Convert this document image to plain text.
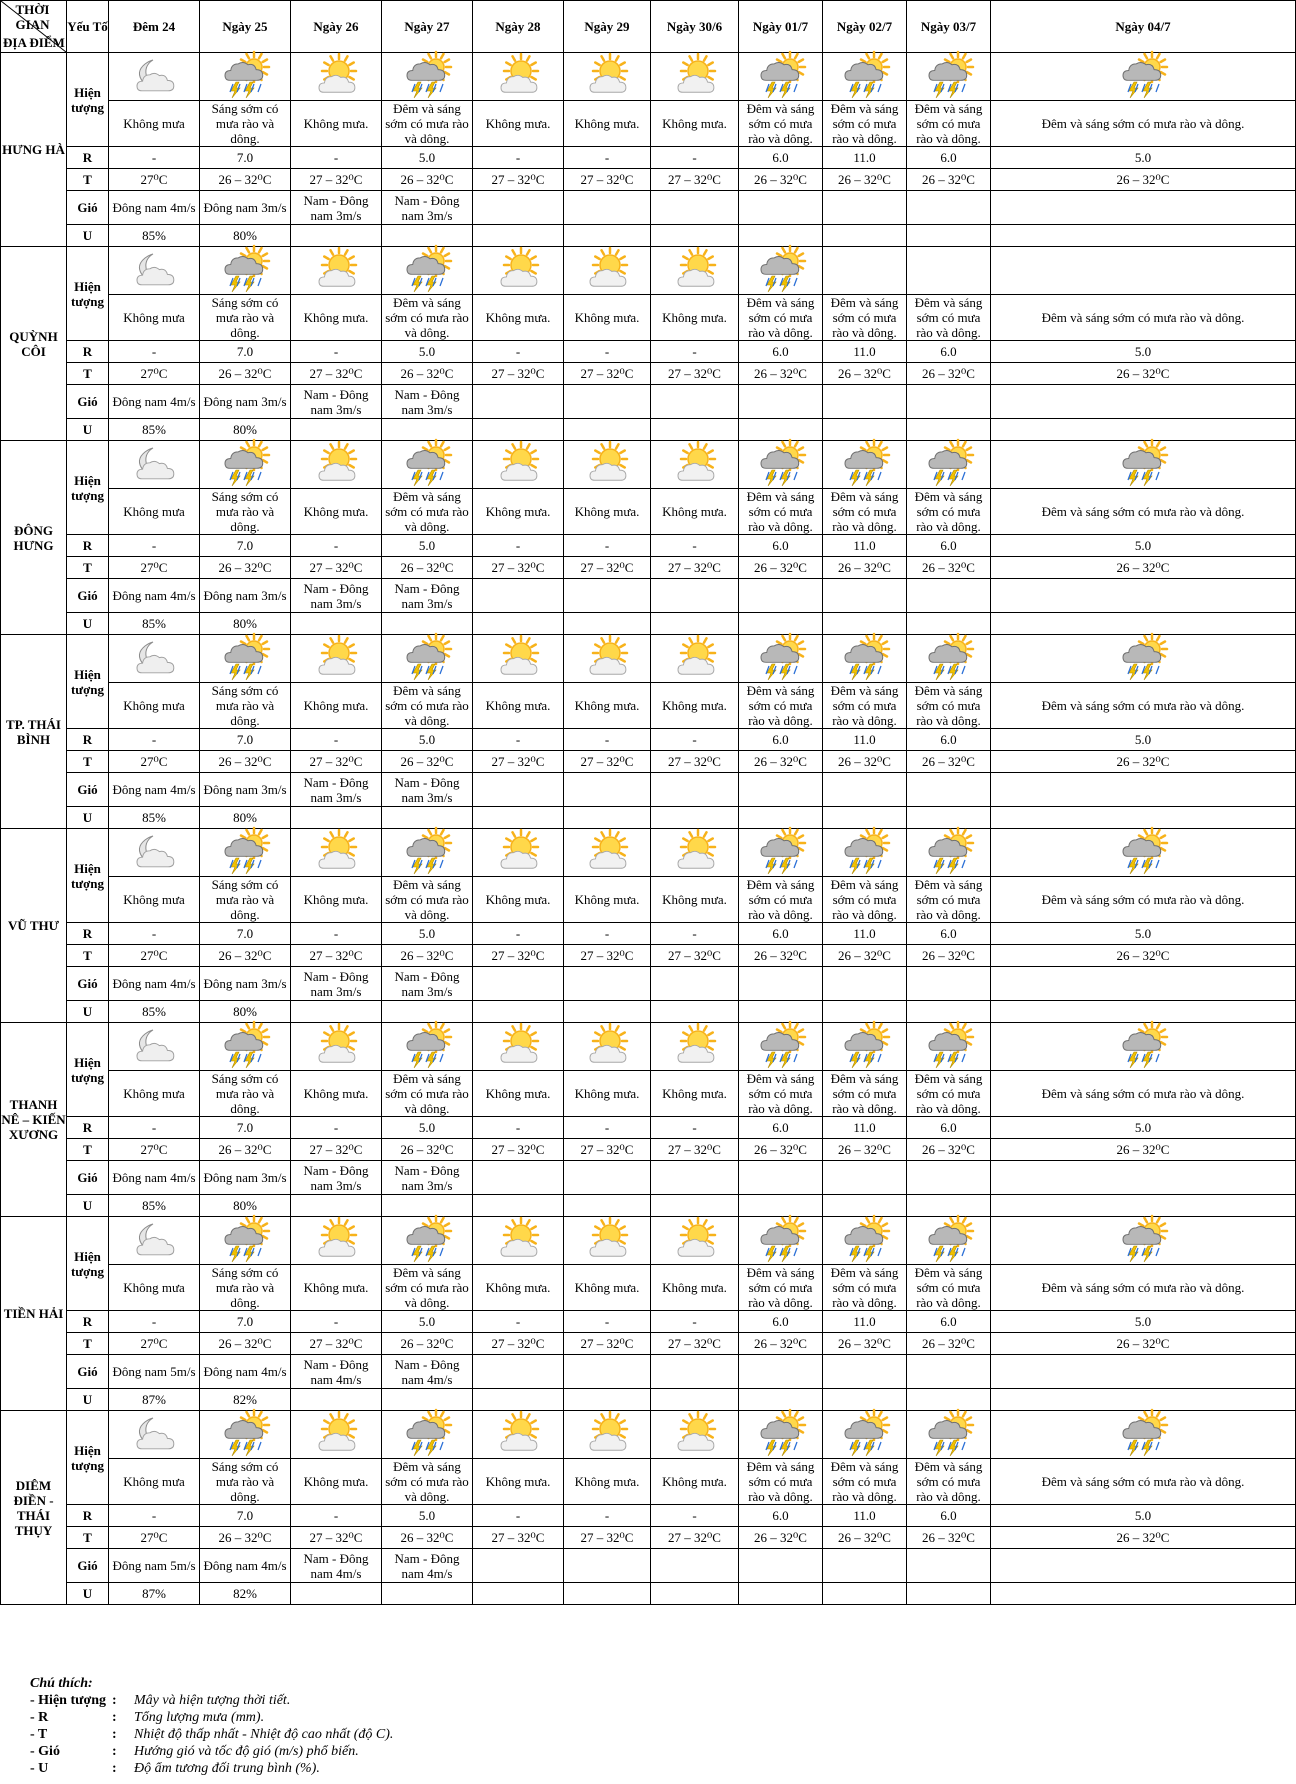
THỜI GIAN
ĐỊA ĐIỂM	Yếu Tố	Đêm 24	Ngày 25	Ngày 26	Ngày 27	Ngày 28	Ngày 29	Ngày 30/6	Ngày 01/7	Ngày 02/7	Ngày 03/7	Ngày 04/7
HƯNG HÀ	Hiện tượng	

		Không mưa	Sáng sớm có mưa rào và dông.	Không mưa.	Đêm và sáng sớm có mưa rào và dông.	Không mưa.	Không mưa.	Không mưa.	Đêm và sáng sớm có mưa rào và dông.	Đêm và sáng sớm có mưa rào và dông.	Đêm và sáng sớm có mưa rào và dông.	Đêm và sáng sớm có mưa rào và dông.
	R	-	7.0	-	5.0	-	-	-	6.0	11.0	6.0	5.0
	T	27⁰C	26 – 32⁰C	27 – 32⁰C	26 – 32⁰C	27 – 32⁰C	27 – 32⁰C	27 – 32⁰C	26 – 32⁰C	26 – 32⁰C	26 – 32⁰C	26 – 32⁰C
	Gió	Đông nam 4m/s	Đông nam 3m/s	Nam - Đông nam 3m/s	Nam - Đông nam 3m/s							
	U	85%	80%									
QUỲNH CÔI	Hiện tượng	

		Không mưa	Sáng sớm có mưa rào và dông.	Không mưa.	Đêm và sáng sớm có mưa rào và dông.	Không mưa.	Không mưa.	Không mưa.	Đêm và sáng sớm có mưa rào và dông.	Đêm và sáng sớm có mưa rào và dông.	Đêm và sáng sớm có mưa rào và dông.	Đêm và sáng sớm có mưa rào và dông.
	R	-	7.0	-	5.0	-	-	-	6.0	11.0	6.0	5.0
	T	27⁰C	26 – 32⁰C	27 – 32⁰C	26 – 32⁰C	27 – 32⁰C	27 – 32⁰C	27 – 32⁰C	26 – 32⁰C	26 – 32⁰C	26 – 32⁰C	26 – 32⁰C
	Gió	Đông nam 4m/s	Đông nam 3m/s	Nam - Đông nam 3m/s	Nam - Đông nam 3m/s							
	U	85%	80%									
ĐÔNG HƯNG	Hiện tượng	

		Không mưa	Sáng sớm có mưa rào và dông.	Không mưa.	Đêm và sáng sớm có mưa rào và dông.	Không mưa.	Không mưa.	Không mưa.	Đêm và sáng sớm có mưa rào và dông.	Đêm và sáng sớm có mưa rào và dông.	Đêm và sáng sớm có mưa rào và dông.	Đêm và sáng sớm có mưa rào và dông.
	R	-	7.0	-	5.0	-	-	-	6.0	11.0	6.0	5.0
	T	27⁰C	26 – 32⁰C	27 – 32⁰C	26 – 32⁰C	27 – 32⁰C	27 – 32⁰C	27 – 32⁰C	26 – 32⁰C	26 – 32⁰C	26 – 32⁰C	26 – 32⁰C
	Gió	Đông nam 4m/s	Đông nam 3m/s	Nam - Đông nam 3m/s	Nam - Đông nam 3m/s							
	U	85%	80%									
TP. THÁI BÌNH	Hiện tượng	

		Không mưa	Sáng sớm có mưa rào và dông.	Không mưa.	Đêm và sáng sớm có mưa rào và dông.	Không mưa.	Không mưa.	Không mưa.	Đêm và sáng sớm có mưa rào và dông.	Đêm và sáng sớm có mưa rào và dông.	Đêm và sáng sớm có mưa rào và dông.	Đêm và sáng sớm có mưa rào và dông.
	R	-	7.0	-	5.0	-	-	-	6.0	11.0	6.0	5.0
	T	27⁰C	26 – 32⁰C	27 – 32⁰C	26 – 32⁰C	27 – 32⁰C	27 – 32⁰C	27 – 32⁰C	26 – 32⁰C	26 – 32⁰C	26 – 32⁰C	26 – 32⁰C
	Gió	Đông nam 4m/s	Đông nam 3m/s	Nam - Đông nam 3m/s	Nam - Đông nam 3m/s							
	U	85%	80%									
VŨ THƯ	Hiện tượng	

		Không mưa	Sáng sớm có mưa rào và dông.	Không mưa.	Đêm và sáng sớm có mưa rào và dông.	Không mưa.	Không mưa.	Không mưa.	Đêm và sáng sớm có mưa rào và dông.	Đêm và sáng sớm có mưa rào và dông.	Đêm và sáng sớm có mưa rào và dông.	Đêm và sáng sớm có mưa rào và dông.
	R	-	7.0	-	5.0	-	-	-	6.0	11.0	6.0	5.0
	T	27⁰C	26 – 32⁰C	27 – 32⁰C	26 – 32⁰C	27 – 32⁰C	27 – 32⁰C	27 – 32⁰C	26 – 32⁰C	26 – 32⁰C	26 – 32⁰C	26 – 32⁰C
	Gió	Đông nam 4m/s	Đông nam 3m/s	Nam - Đông nam 3m/s	Nam - Đông nam 3m/s							
	U	85%	80%									
THANH NÊ – KIẾN XƯƠNG	Hiện tượng	

		Không mưa	Sáng sớm có mưa rào và dông.	Không mưa.	Đêm và sáng sớm có mưa rào và dông.	Không mưa.	Không mưa.	Không mưa.	Đêm và sáng sớm có mưa rào và dông.	Đêm và sáng sớm có mưa rào và dông.	Đêm và sáng sớm có mưa rào và dông.	Đêm và sáng sớm có mưa rào và dông.
	R	-	7.0	-	5.0	-	-	-	6.0	11.0	6.0	5.0
	T	27⁰C	26 – 32⁰C	27 – 32⁰C	26 – 32⁰C	27 – 32⁰C	27 – 32⁰C	27 – 32⁰C	26 – 32⁰C	26 – 32⁰C	26 – 32⁰C	26 – 32⁰C
	Gió	Đông nam 4m/s	Đông nam 3m/s	Nam - Đông nam 3m/s	Nam - Đông nam 3m/s							
	U	85%	80%									
TIỀN HẢI	Hiện tượng	

		Không mưa	Sáng sớm có mưa rào và dông.	Không mưa.	Đêm và sáng sớm có mưa rào và dông.	Không mưa.	Không mưa.	Không mưa.	Đêm và sáng sớm có mưa rào và dông.	Đêm và sáng sớm có mưa rào và dông.	Đêm và sáng sớm có mưa rào và dông.	Đêm và sáng sớm có mưa rào và dông.
	R	-	7.0	-	5.0	-	-	-	6.0	11.0	6.0	5.0
	T	27⁰C	26 – 32⁰C	27 – 32⁰C	26 – 32⁰C	27 – 32⁰C	27 – 32⁰C	27 – 32⁰C	26 – 32⁰C	26 – 32⁰C	26 – 32⁰C	26 – 32⁰C
	Gió	Đông nam 5m/s	Đông nam 4m/s	Nam - Đông nam 4m/s	Nam - Đông nam 4m/s							
	U	87%	82%									
DIÊM ĐIỀN - THÁI THỤY	Hiện tượng	

		Không mưa	Sáng sớm có mưa rào và dông.	Không mưa.	Đêm và sáng sớm có mưa rào và dông.	Không mưa.	Không mưa.	Không mưa.	Đêm và sáng sớm có mưa rào và dông.	Đêm và sáng sớm có mưa rào và dông.	Đêm và sáng sớm có mưa rào và dông.	Đêm và sáng sớm có mưa rào và dông.
	R	-	7.0	-	5.0	-	-	-	6.0	11.0	6.0	5.0
	T	27⁰C	26 – 32⁰C	27 – 32⁰C	26 – 32⁰C	27 – 32⁰C	27 – 32⁰C	27 – 32⁰C	26 – 32⁰C	26 – 32⁰C	26 – 32⁰C	26 – 32⁰C
	Gió	Đông nam 5m/s	Đông nam 4m/s	Nam - Đông nam 4m/s	Nam - Đông nam 4m/s							
	U	87%	82%									
Chú thích:
- Hiện tượng :	Mây và hiện tượng thời tiết.
- R	:	Tổng lượng mưa (mm).
- T	:	Nhiệt độ thấp nhất - Nhiệt độ cao nhất (độ C).
- Gió	:	Hướng gió và tốc độ gió (m/s) phổ biến.
- U	:	Độ ẩm tương đối trung bình (%).
